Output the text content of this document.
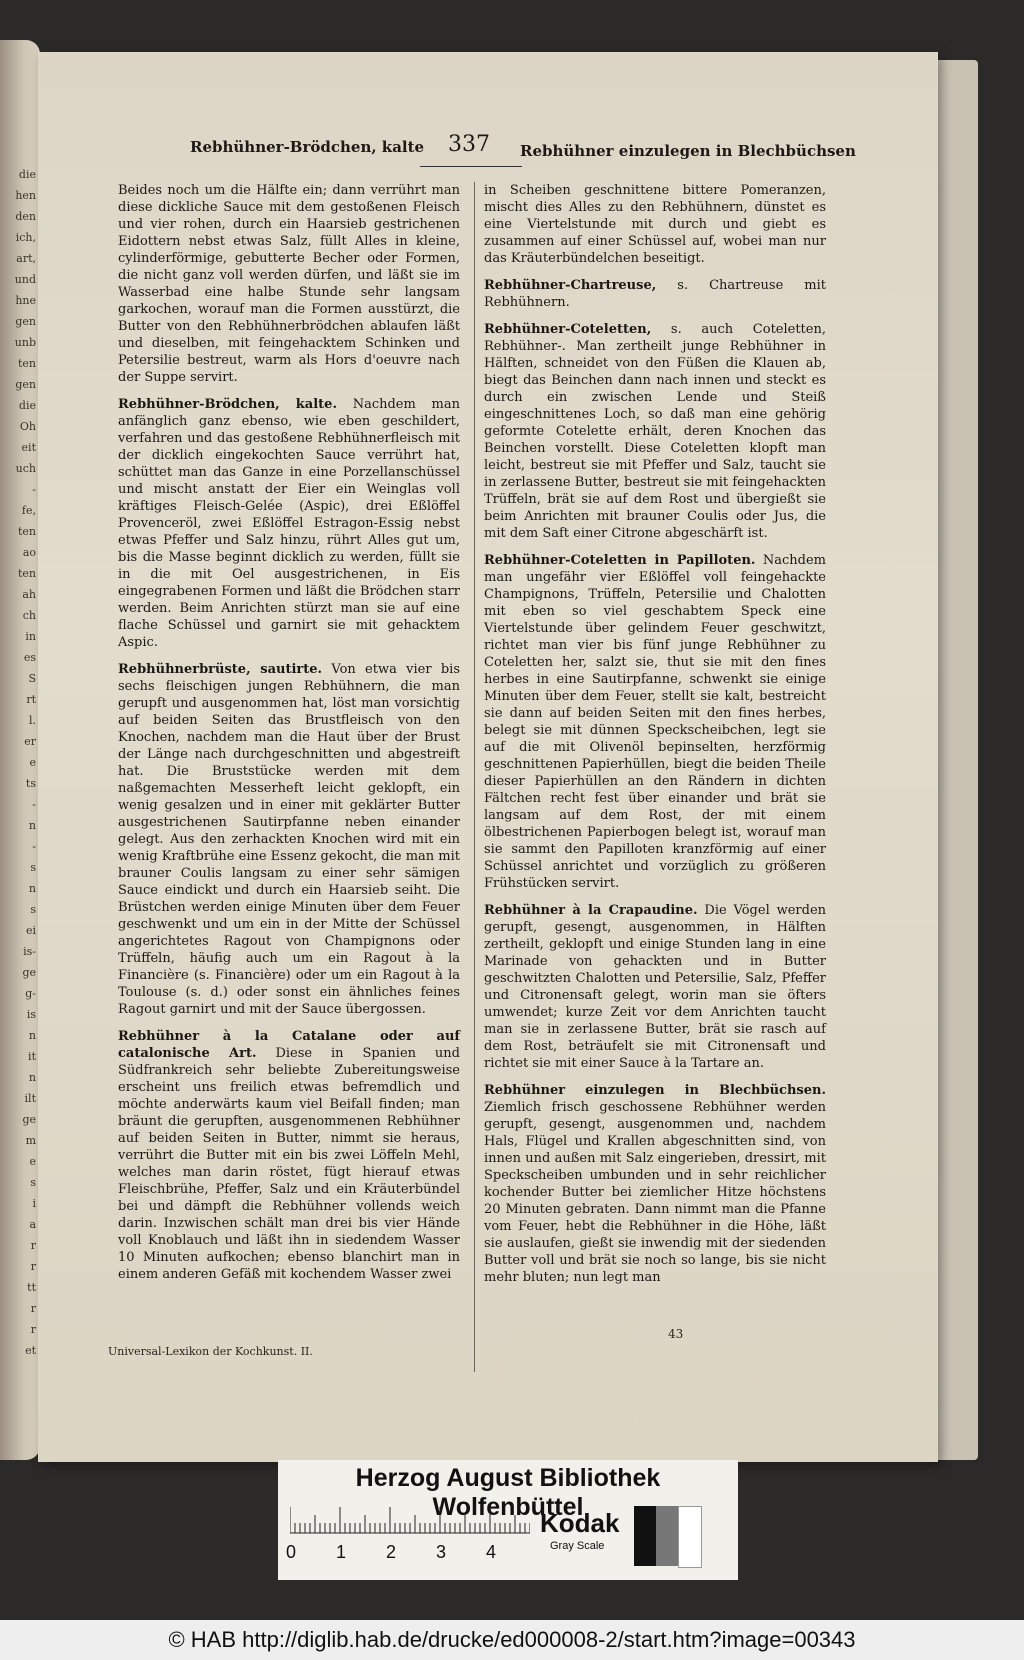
die
hen
den
ich,
art,
und
hne
gen
unb
ten
gen
die
Oh
eit
uch
-
fe,
ten
ao
ten
ah
ch
in
es
S
rt
l.
er
e
ts
-
n
-
s
n
s
ei
is-
ge
g-
is
n
it
n
ilt
ge
m
e
s
i
a
r
r
tt
r
r
et
Rebhühner-Brödchen, kalte 337 Rebhühner einzulegen in Blechbüchsen

Beides noch um die Hälfte ein; dann verrührt man diese dickliche Sauce mit dem gestoßenen Fleisch und vier rohen, durch ein Haarsieb gestrichenen Eidottern nebst etwas Salz, füllt Alles in kleine, cylinderförmige, gebutterte Becher oder Formen, die nicht ganz voll werden dürfen, und läßt sie im Wasserbad eine halbe Stunde sehr langsam garkochen, worauf man die Formen ausstürzt, die Butter von den Rebhühnerbrödchen ablaufen läßt und dieselben, mit feingehacktem Schinken und Petersilie bestreut, warm als Hors d'oeuvre nach der Suppe servirt.

Rebhühner-Brödchen, kalte. Nachdem man anfänglich ganz ebenso, wie eben geschildert, verfahren und das gestoßene Rebhühnerfleisch mit der dicklich eingekochten Sauce verrührt hat, schüttet man das Ganze in eine Porzellanschüssel und mischt anstatt der Eier ein Weinglas voll kräftiges Fleisch-Gelée (Aspic), drei Eßlöffel Provenceröl, zwei Eßlöffel Estragon-Essig nebst etwas Pfeffer und Salz hinzu, rührt Alles gut um, bis die Masse beginnt dicklich zu werden, füllt sie in die mit Oel ausgestrichenen, in Eis eingegrabenen Formen und läßt die Brödchen starr werden. Beim Anrichten stürzt man sie auf eine flache Schüssel und garnirt sie mit gehacktem Aspic.

Rebhühnerbrüste, sautirte. Von etwa vier bis sechs fleischigen jungen Rebhühnern, die man gerupft und ausgenommen hat, löst man vorsichtig auf beiden Seiten das Brustfleisch von den Knochen, nachdem man die Haut über der Brust der Länge nach durchgeschnitten und abgestreift hat. Die Bruststücke werden mit dem naßgemachten Messerheft leicht geklopft, ein wenig gesalzen und in einer mit geklärter Butter ausgestrichenen Sautirpfanne neben einander gelegt. Aus den zerhackten Knochen wird mit ein wenig Kraftbrühe eine Essenz gekocht, die man mit brauner Coulis langsam zu einer sehr sämigen Sauce eindickt und durch ein Haarsieb seiht. Die Brüstchen werden einige Minuten über dem Feuer geschwenkt und um ein in der Mitte der Schüssel angerichtetes Ragout von Champignons oder Trüffeln, häufig auch um ein Ragout à la Financière (s. Financière) oder um ein Ragout à la Toulouse (s. d.) oder sonst ein ähnliches feines Ragout garnirt und mit der Sauce übergossen.

Rebhühner à la Catalane oder auf catalonische Art. Diese in Spanien und Südfrankreich sehr beliebte Zubereitungsweise erscheint uns freilich etwas befremdlich und möchte anderwärts kaum viel Beifall finden; man bräunt die gerupften, ausgenommenen Rebhühner auf beiden Seiten in Butter, nimmt sie heraus, verrührt die Butter mit ein bis zwei Löffeln Mehl, welches man darin röstet, fügt hierauf etwas Fleischbrühe, Pfeffer, Salz und ein Kräuterbündel bei und dämpft die Rebhühner vollends weich darin. Inzwischen schält man drei bis vier Hände voll Knoblauch und läßt ihn in siedendem Wasser 10 Minuten aufkochen; ebenso blanchirt man in einem anderen Gefäß mit kochendem Wasser zwei

in Scheiben geschnittene bittere Pomeranzen, mischt dies Alles zu den Rebhühnern, dünstet es eine Viertelstunde mit durch und giebt es zusammen auf einer Schüssel auf, wobei man nur das Kräuterbündelchen beseitigt.

Rebhühner-Chartreuse, s. Chartreuse mit Rebhühnern.

Rebhühner-Coteletten, s. auch Coteletten, Rebhühner-. Man zertheilt junge Rebhühner in Hälften, schneidet von den Füßen die Klauen ab, biegt das Beinchen dann nach innen und steckt es durch ein zwischen Lende und Steiß eingeschnittenes Loch, so daß man eine gehörig geformte Cotelette erhält, deren Knochen das Beinchen vorstellt. Diese Coteletten klopft man leicht, bestreut sie mit Pfeffer und Salz, taucht sie in zerlassene Butter, bestreut sie mit feingehackten Trüffeln, brät sie auf dem Rost und übergießt sie beim Anrichten mit brauner Coulis oder Jus, die mit dem Saft einer Citrone abgeschärft ist.

Rebhühner-Coteletten in Papilloten. Nachdem man ungefähr vier Eßlöffel voll feingehackte Champignons, Trüffeln, Petersilie und Chalotten mit eben so viel geschabtem Speck eine Viertelstunde über gelindem Feuer geschwitzt, richtet man vier bis fünf junge Rebhühner zu Coteletten her, salzt sie, thut sie mit den fines herbes in eine Sautirpfanne, schwenkt sie einige Minuten über dem Feuer, stellt sie kalt, bestreicht sie dann auf beiden Seiten mit den fines herbes, belegt sie mit dünnen Speckscheibchen, legt sie auf die mit Olivenöl bepinselten, herzförmig geschnittenen Papierhüllen, biegt die beiden Theile dieser Papierhüllen an den Rändern in dichten Fältchen recht fest über einander und brät sie langsam auf dem Rost, der mit einem ölbestrichenen Papierbogen belegt ist, worauf man sie sammt den Papilloten kranzförmig auf einer Schüssel anrichtet und vorzüglich zu größeren Frühstücken servirt.

Rebhühner à la Crapaudine. Die Vögel werden gerupft, gesengt, ausgenommen, in Hälften zertheilt, geklopft und einige Stunden lang in eine Marinade von gehackten und in Butter geschwitzten Chalotten und Petersilie, Salz, Pfeffer und Citronensaft gelegt, worin man sie öfters umwendet; kurze Zeit vor dem Anrichten taucht man sie in zerlassene Butter, brät sie rasch auf dem Rost, beträufelt sie mit Citronensaft und richtet sie mit einer Sauce à la Tartare an.

Rebhühner einzulegen in Blechbüchsen. Ziemlich frisch geschossene Rebhühner werden gerupft, gesengt, ausgenommen und, nachdem Hals, Flügel und Krallen abgeschnitten sind, von innen und außen mit Salz eingerieben, dressirt, mit Speckscheiben umbunden und in sehr reichlicher kochender Butter bei ziemlicher Hitze höchstens 20 Minuten gebraten. Dann nimmt man die Pfanne vom Feuer, hebt die Rebhühner in die Höhe, läßt sie auslaufen, gießt sie inwendig mit der siedenden Butter voll und brät sie noch so lange, bis sie nicht mehr bluten; nun legt man

Universal-Lexikon der Kochkunst. II.
43
Herzog August Bibliothek Wolfenbüttel
0 1 2 3 4
Kodak
Gray Scale
© HAB http://diglib.hab.de/drucke/ed000008-2/start.htm?image=00343
